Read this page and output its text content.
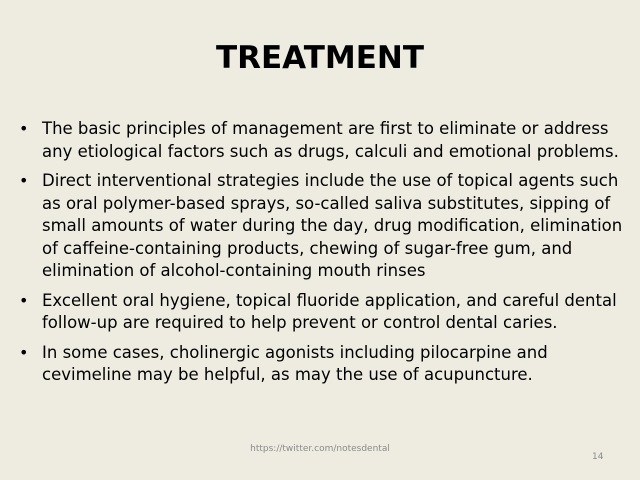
TREATMENT
• The basic principles of management are first to eliminate or address any etiological factors such as drugs, calculi and emotional problems.
• Direct interventional strategies include the use of topical agents such as oral polymer-based sprays, so-called saliva substitutes, sipping of small amounts of water during the day, drug modification, elimination of caffeine-containing products, chewing of sugar-free gum, and elimination of alcohol-containing mouth rinses
• Excellent oral hygiene, topical fluoride application, and careful dental follow-up are required to help prevent or control dental caries.
• In some cases, cholinergic agonists including pilocarpine and cevimeline may be helpful, as may the use of acupuncture.
https://twitter.com/notesdental
14
